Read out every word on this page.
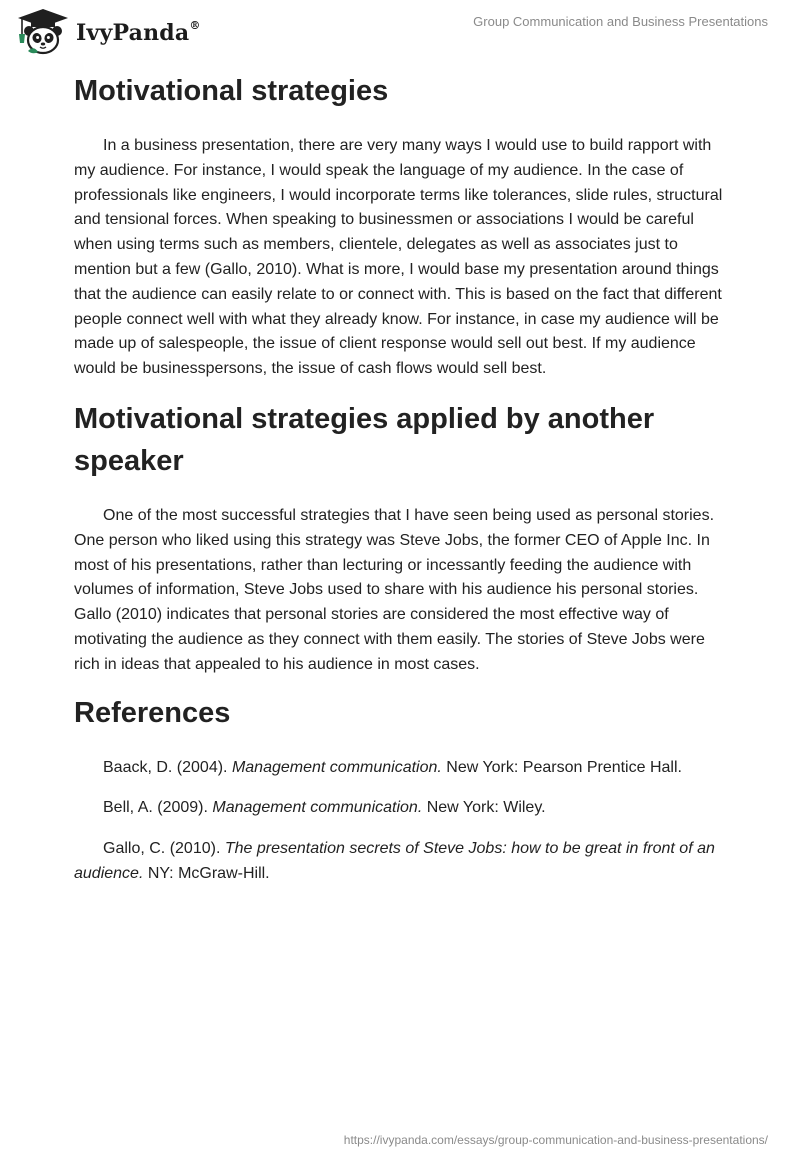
IvyPanda®	Group Communication and Business Presentations
Motivational strategies

In a business presentation, there are very many ways I would use to build rapport with my audience. For instance, I would speak the language of my audience. In the case of professionals like engineers, I would incorporate terms like tolerances, slide rules, structural and tensional forces. When speaking to businessmen or associations I would be careful when using terms such as members, clientele, delegates as well as associates just to mention but a few (Gallo, 2010). What is more, I would base my presentation around things that the audience can easily relate to or connect with. This is based on the fact that different people connect well with what they already know. For instance, in case my audience will be made up of salespeople, the issue of client response would sell out best. If my audience would be businesspersons, the issue of cash flows would sell best.

Motivational strategies applied by another speaker

One of the most successful strategies that I have seen being used as personal stories. One person who liked using this strategy was Steve Jobs, the former CEO of Apple Inc. In most of his presentations, rather than lecturing or incessantly feeding the audience with volumes of information, Steve Jobs used to share with his audience his personal stories. Gallo (2010) indicates that personal stories are considered the most effective way of motivating the audience as they connect with them easily. The stories of Steve Jobs were rich in ideas that appealed to his audience in most cases.

References

Baack, D. (2004). Management communication. New York: Pearson Prentice Hall.

Bell, A. (2009). Management communication. New York: Wiley.

Gallo, C. (2010). The presentation secrets of Steve Jobs: how to be great in front of an audience. NY: McGraw-Hill.

https://ivypanda.com/essays/group-communication-and-business-presentations/
